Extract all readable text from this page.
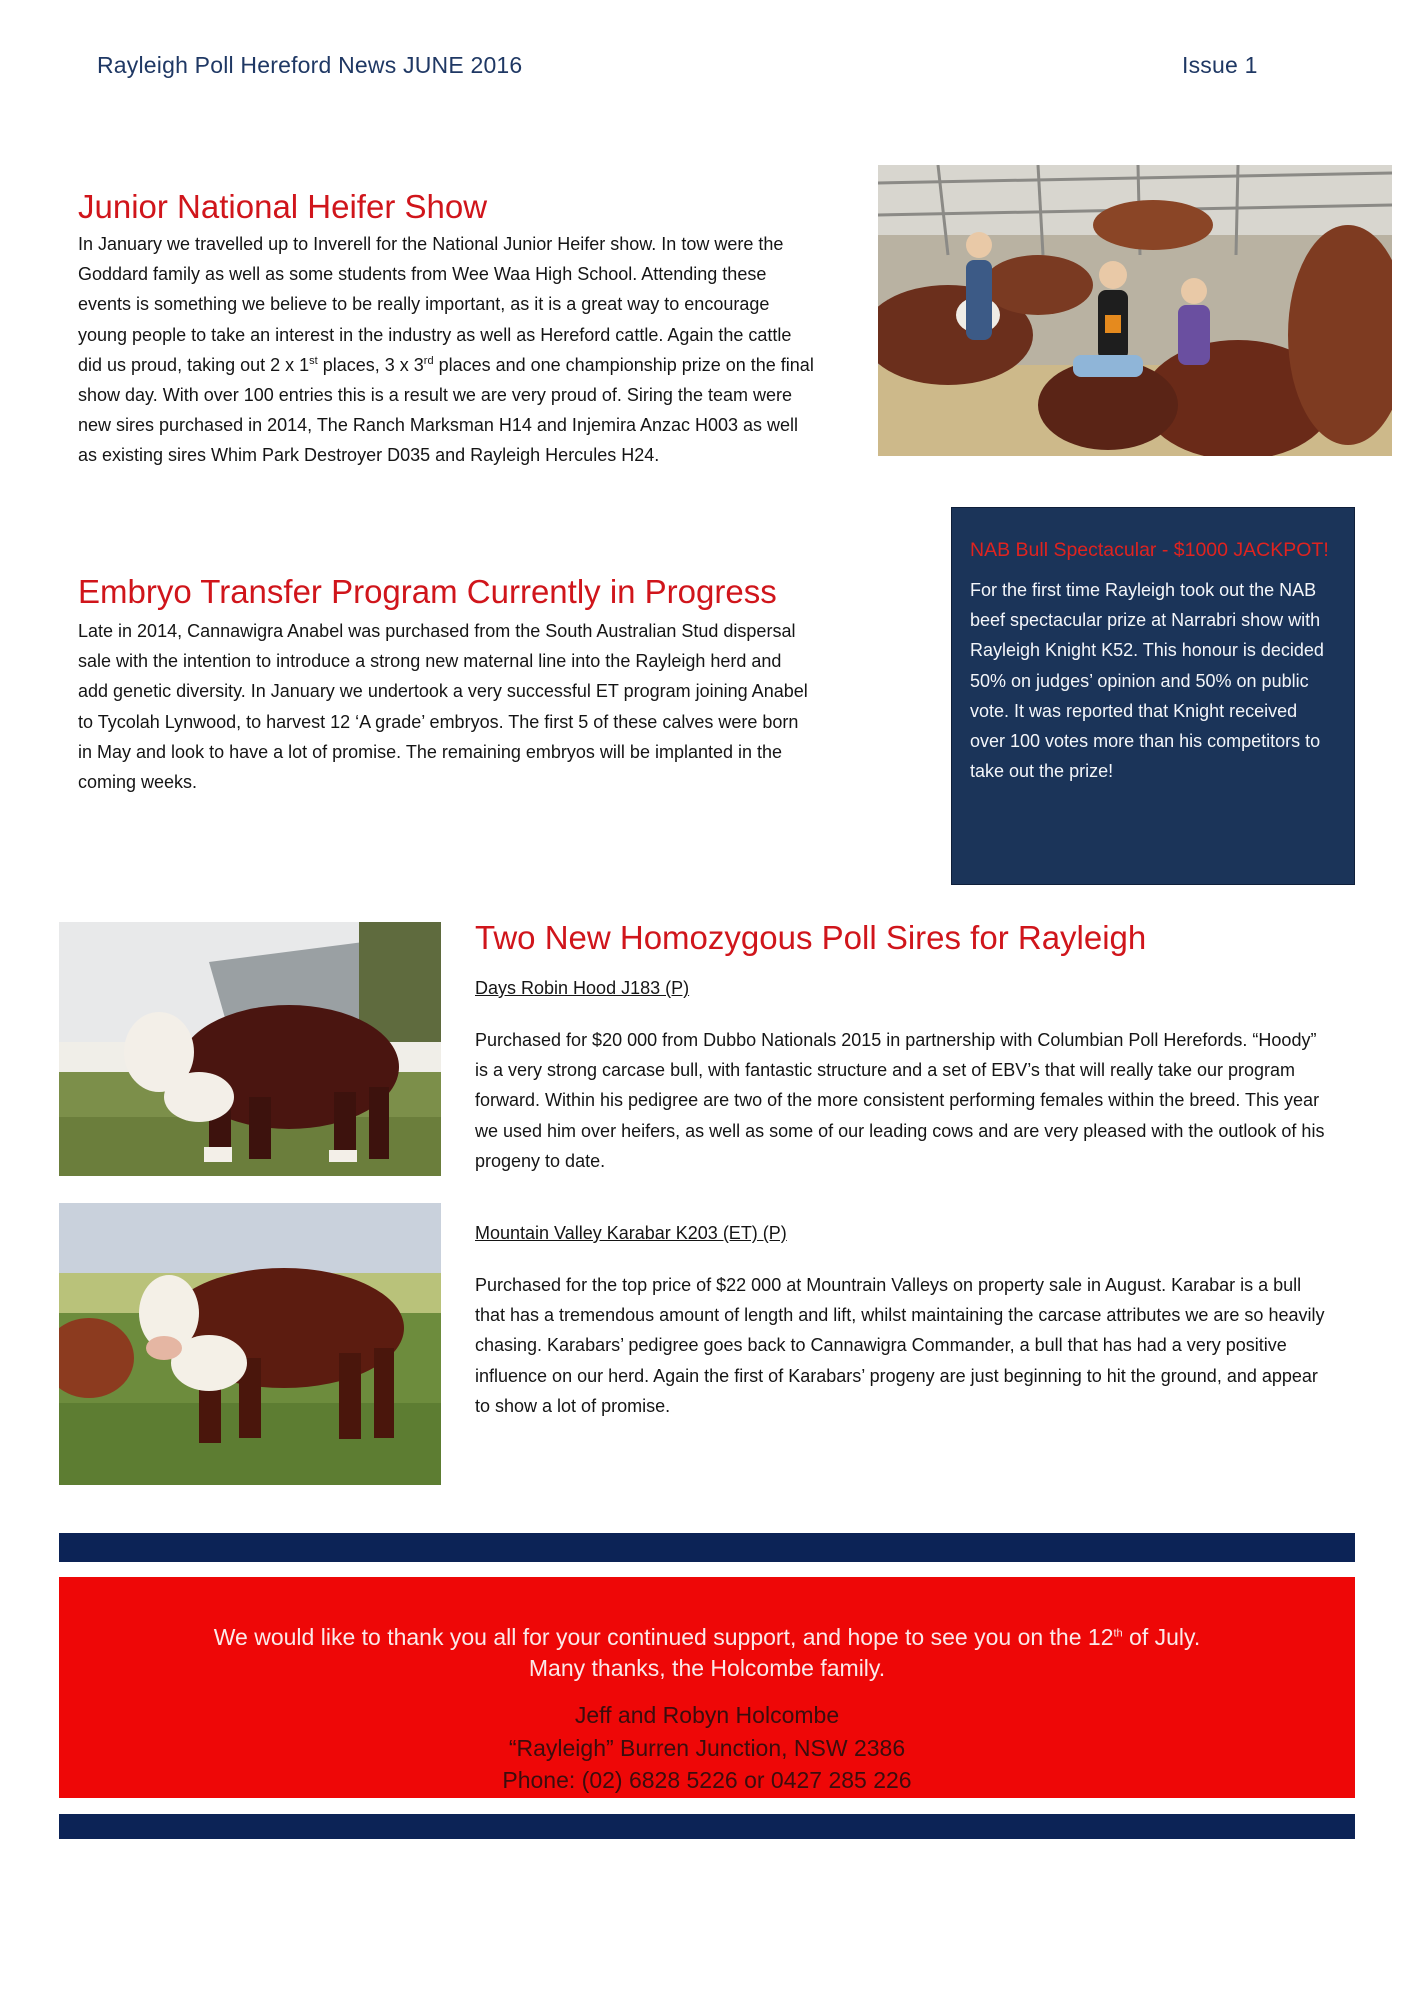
Rayleigh Poll Hereford News JUNE 2016	Issue 1
Junior National Heifer Show

In January we travelled up to Inverell for the National Junior Heifer show. In tow were the Goddard family as well as some students from Wee Waa High School. Attending these events is something we believe to be really important, as it is a great way to encourage young people to take an interest in the industry as well as Hereford cattle. Again the cattle did us proud, taking out 2 x 1st places, 3 x 3rd places and one championship prize on the final show day. With over 100 entries this is a result we are very proud of. Siring the team were new sires purchased in 2014, The Ranch Marksman H14 and Injemira Anzac H003 as well as existing sires Whim Park Destroyer D035 and Rayleigh Hercules H24.

Embryo Transfer Program Currently in Progress

Late in 2014, Cannawigra Anabel was purchased from the South Australian Stud dispersal sale with the intention to introduce a strong new maternal line into the Rayleigh herd and add genetic diversity. In January we undertook a very successful ET program joining Anabel to Tycolah Lynwood, to harvest 12 ‘A grade’ embryos. The first 5 of these calves were born in May and look to have a lot of promise. The remaining embryos will be implanted in the coming weeks.

NAB Bull Spectacular - $1000 JACKPOT!

For the first time Rayleigh took out the NAB beef spectacular prize at Narrabri show with Rayleigh Knight K52. This honour is decided 50% on judges’ opinion and 50% on public vote. It was reported that Knight received over 100 votes more than his competitors to take out the prize!

Two New Homozygous Poll Sires for Rayleigh
Days Robin Hood J183 (P)

Purchased for $20 000 from Dubbo Nationals 2015 in partnership with Columbian Poll Herefords. “Hoody” is a very strong carcase bull, with fantastic structure and a set of EBV’s that will really take our program forward. Within his pedigree are two of the more consistent performing females within the breed. This year we used him over heifers, as well as some of our leading cows and are very pleased with the outlook of his progeny to date.

Mountain Valley Karabar K203 (ET) (P)

Purchased for the top price of $22 000 at Mountrain Valleys on property sale in August. Karabar is a bull that has a tremendous amount of length and lift, whilst maintaining the carcase attributes we are so heavily chasing. Karabars’ pedigree goes back to Cannawigra Commander, a bull that has had a very positive influence on our herd. Again the first of Karabars’ progeny are just beginning to hit the ground, and appear to show a lot of promise.

We would like to thank you all for your continued support, and hope to see you on the 12th of July.
Many thanks, the Holcombe family.
Jeff and Robyn Holcombe
“Rayleigh” Burren Junction, NSW 2386
Phone: (02) 6828 5226 or 0427 285 226
